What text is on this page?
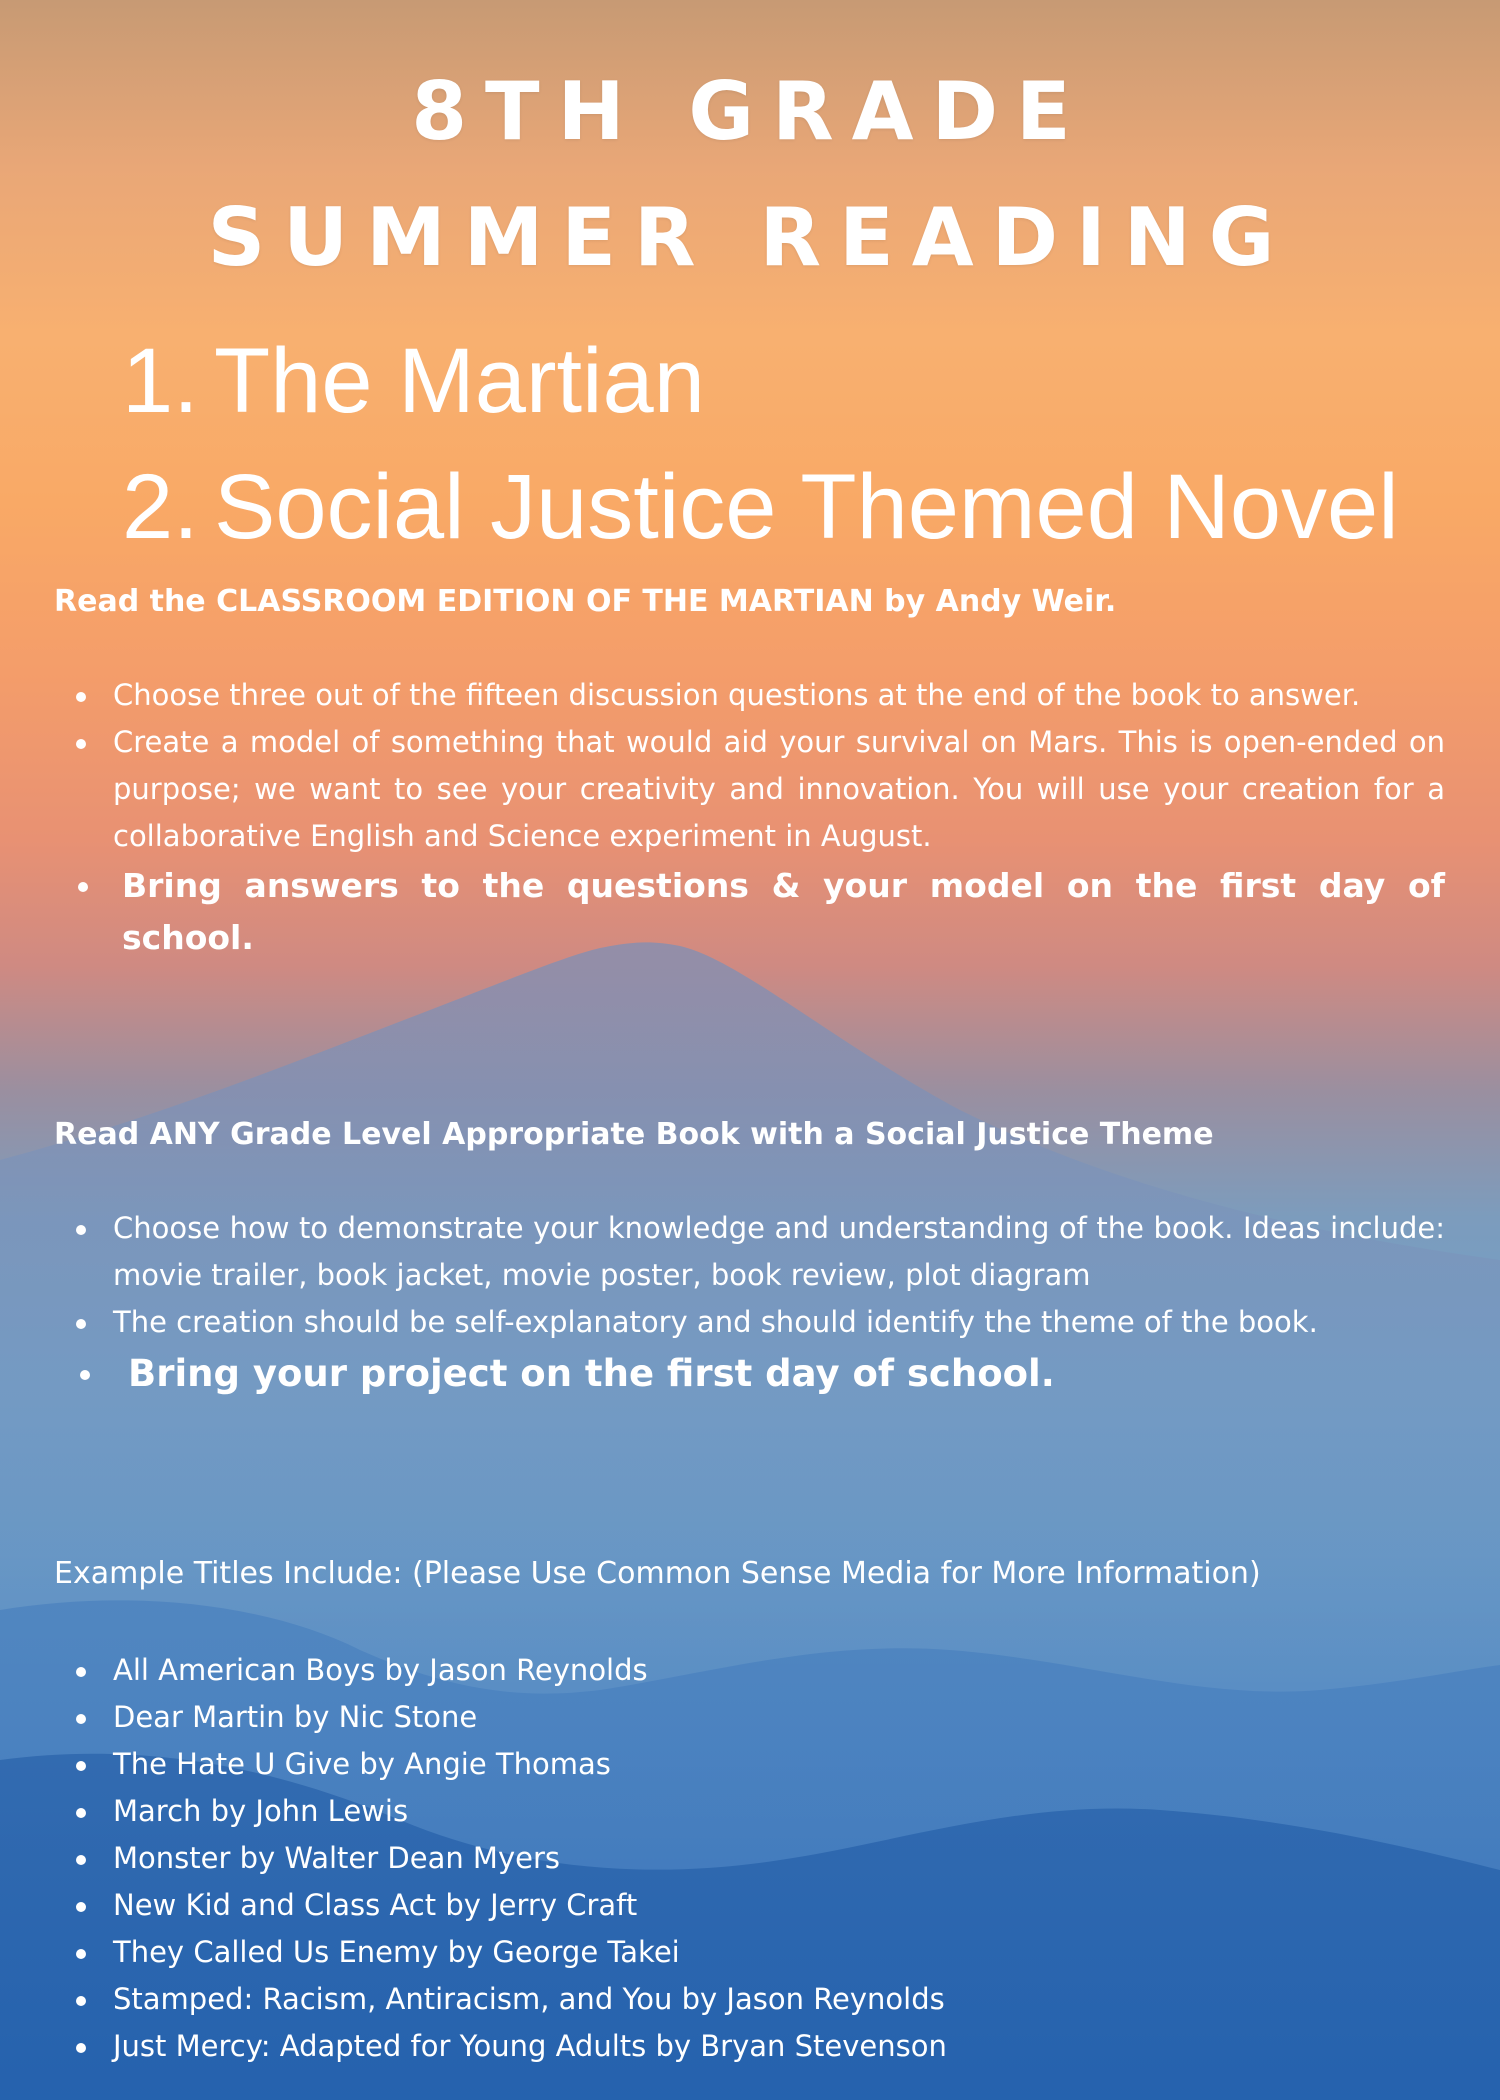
8TH GRADE
SUMMER READING
1. The Martian
2. Social Justice Themed Novel
Read the CLASSROOM EDITION OF THE MARTIAN by Andy Weir.
Choose three out of the fifteen discussion questions at the end of the book to answer.
Create a model of something that would aid your survival on Mars. This is open-ended on purpose; we want to see your creativity and innovation. You will use your creation for a collaborative English and Science experiment in August.
Bring answers to the questions & your model on the first day of school.
Read ANY Grade Level Appropriate Book with a Social Justice Theme
Choose how to demonstrate your knowledge and understanding of the book. Ideas include: movie trailer, book jacket, movie poster, book review, plot diagram
The creation should be self-explanatory and should identify the theme of the book.
Bring your project on the first day of school.
Example Titles Include: (Please Use Common Sense Media for More Information)
All American Boys by Jason Reynolds
Dear Martin by Nic Stone
The Hate U Give by Angie Thomas
March by John Lewis
Monster by Walter Dean Myers
New Kid and Class Act by Jerry Craft
They Called Us Enemy by George Takei
Stamped: Racism, Antiracism, and You by Jason Reynolds
Just Mercy: Adapted for Young Adults by Bryan Stevenson
